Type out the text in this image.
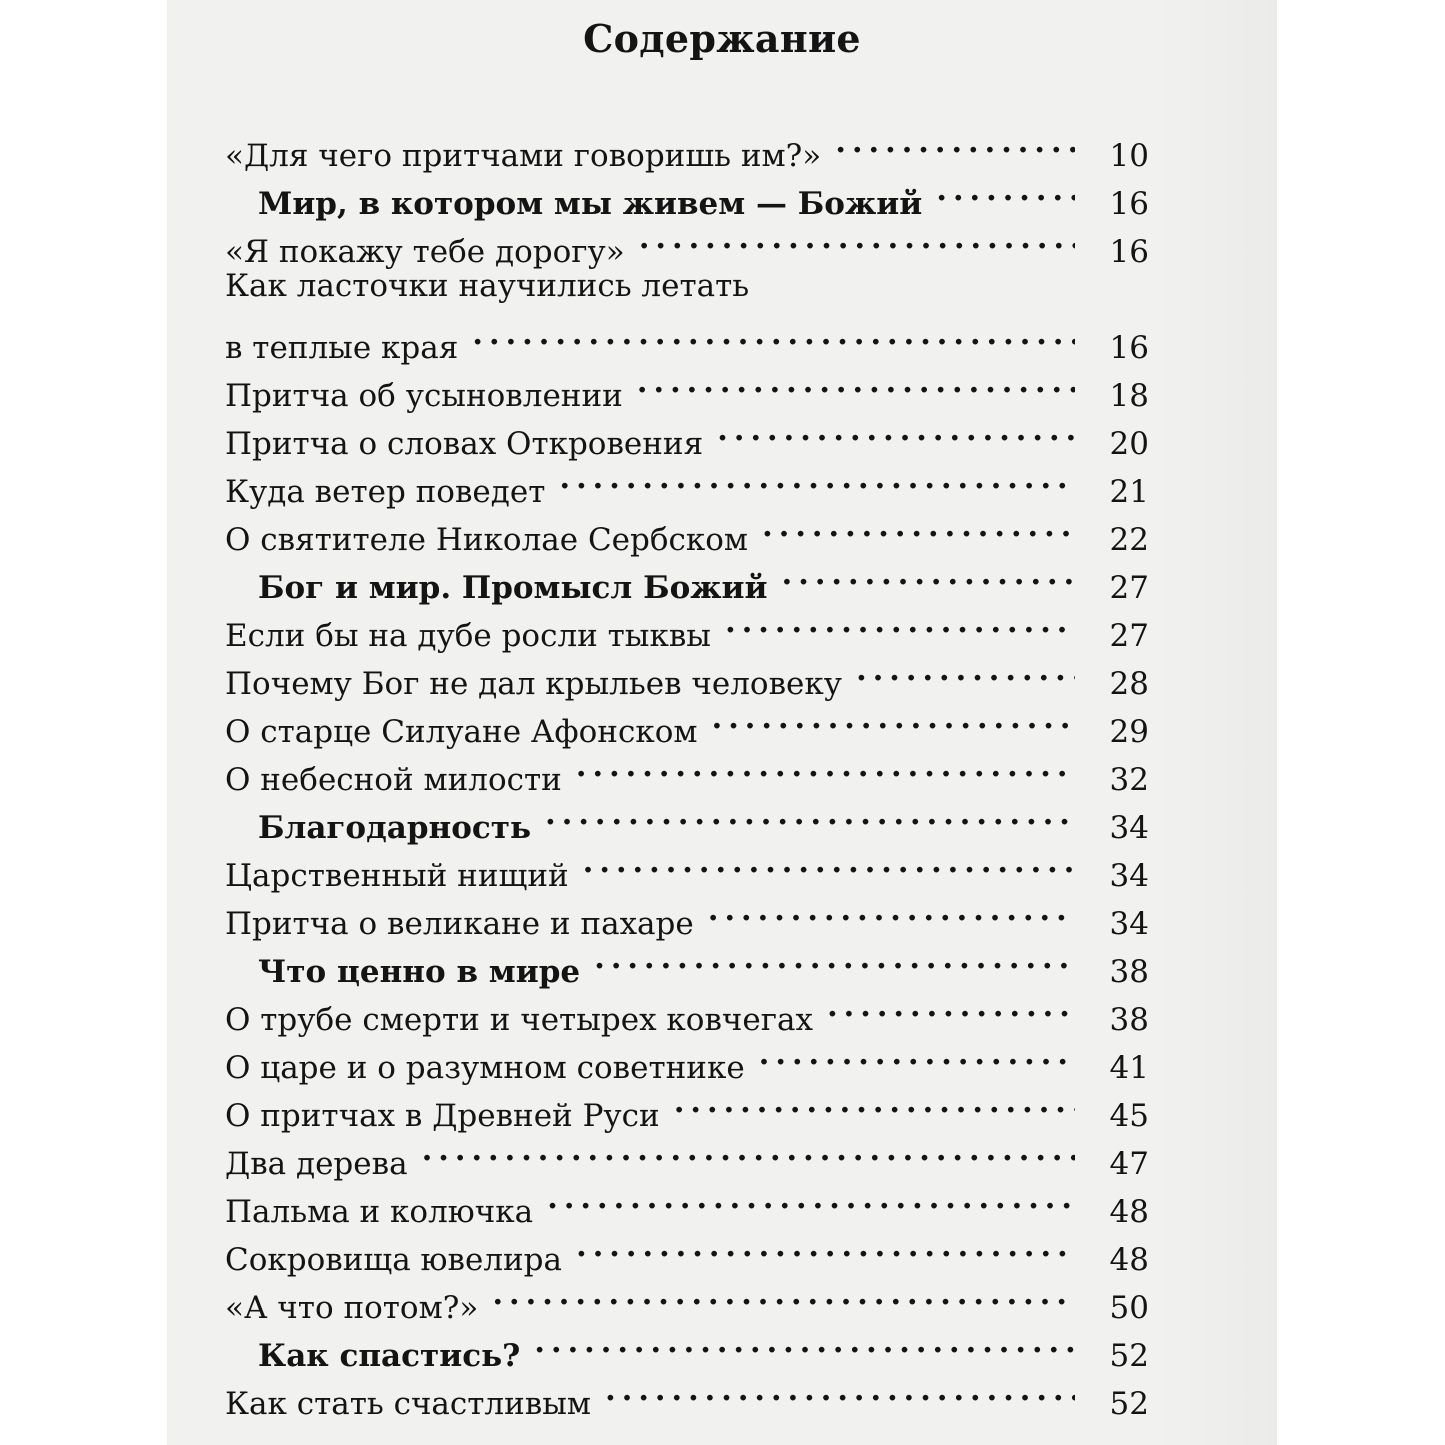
Содержание
«Для чего притчами говоришь им?» . . .	10
Мир, в котором мы живем — Божий . . .	16
«Я покажу тебе дорогу» . . .	16
Как ласточки научились летать
в теплые края . . .	16
Притча об усыновлении . . .	18
Притча о словах Откровения . . .	20
Куда ветер поведет . . .	21
О святителе Николае Сербском . . .	22
Бог и мир. Промысл Божий . . .	27
Если бы на дубе росли тыквы . . .	27
Почему Бог не дал крыльев человеку . . .	28
О старце Силуане Афонском . . .	29
О небесной милости . . .	32
Благодарность . . .	34
Царственный нищий . . .	34
Притча о великане и пахаре . . .	34
Что ценно в мире . . .	38
О трубе смерти и четырех ковчегах . . .	38
О царе и о разумном советнике . . .	41
О притчах в Древней Руси . . .	45
Два дерева . . .	47
Пальма и колючка . . .	48
Сокровища ювелира . . .	48
«А что потом?» . . .	50
Как спастись? . . .	52
Как стать счастливым . . .	52
